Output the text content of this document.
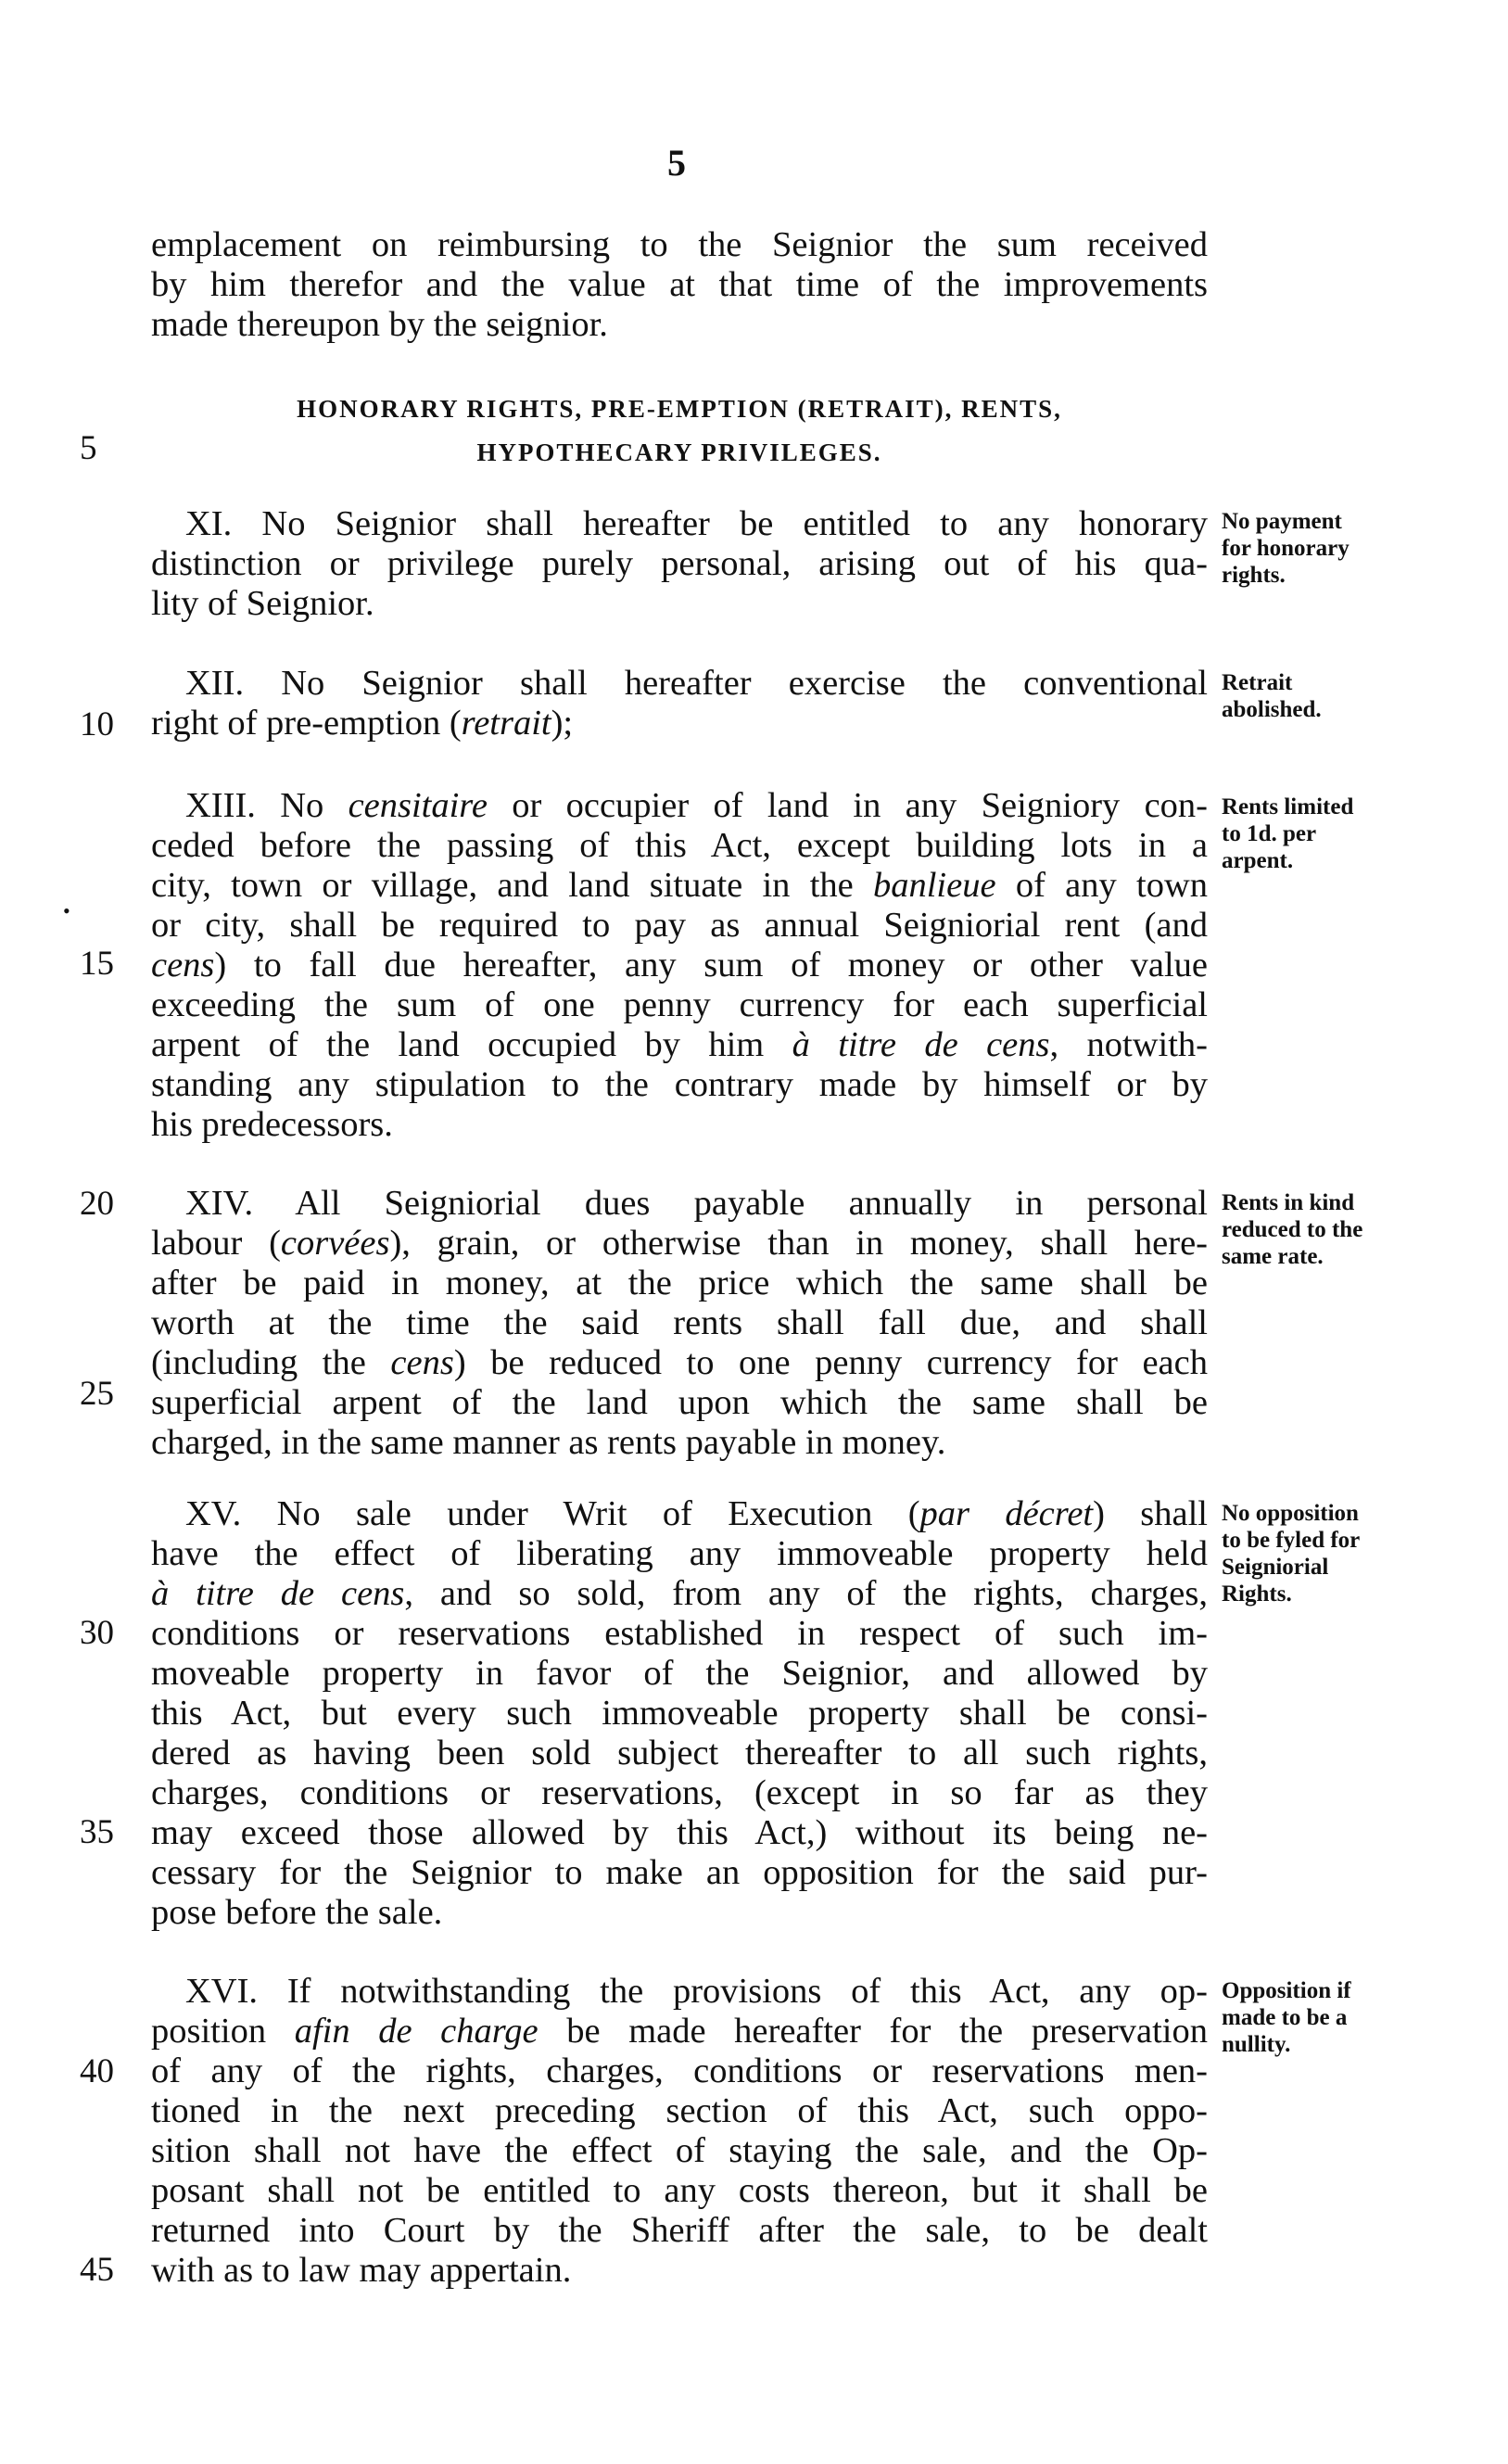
5
emplacement on reimbursing to the Seignior the sum received
by him therefor and the value at that time of the improvements
made thereupon by the seignior.
HONORARY RIGHTS, PRE-EMPTION (RETRAIT), RENTS,
HYPOTHECARY PRIVILEGES.
5
10
15
20
25
30
35
40
45
•
XI. No Seignior shall hereafter be entitled to any honorary
distinction or privilege purely personal, arising out of his qua-
lity of Seignior.
No payment
for honorary
rights.
XII. No Seignior shall hereafter exercise the conventional
right of pre-emption (retrait);
Retrait
abolished.
XIII. No censitaire or occupier of land in any Seigniory con-
ceded before the passing of this Act, except building lots in a
city, town or village, and land situate in the banlieue of any town
or city, shall be required to pay as annual Seigniorial rent (and
cens) to fall due hereafter, any sum of money or other value
exceeding the sum of one penny currency for each superficial
arpent of the land occupied by him à titre de cens, notwith-
standing any stipulation to the contrary made by himself or by
his predecessors.
Rents limited
to 1d. per
arpent.
XIV. All Seigniorial dues payable annually in personal
labour (corvées), grain, or otherwise than in money, shall here-
after be paid in money, at the price which the same shall be
worth at the time the said rents shall fall due, and shall
(including the cens) be reduced to one penny currency for each
superficial arpent of the land upon which the same shall be
charged, in the same manner as rents payable in money.
Rents in kind
reduced to the
same rate.
XV. No sale under Writ of Execution (par décret) shall
have the effect of liberating any immoveable property held
à titre de cens, and so sold, from any of the rights, charges,
conditions or reservations established in respect of such im-
moveable property in favor of the Seignior, and allowed by
this Act, but every such immoveable property shall be consi-
dered as having been sold subject thereafter to all such rights,
charges, conditions or reservations, (except in so far as they
may exceed those allowed by this Act,) without its being ne-
cessary for the Seignior to make an opposition for the said pur-
pose before the sale.
No opposition
to be fyled for
Seigniorial
Rights.
XVI. If notwithstanding the provisions of this Act, any op-
position afin de charge be made hereafter for the preservation
of any of the rights, charges, conditions or reservations men-
tioned in the next preceding section of this Act, such oppo-
sition shall not have the effect of staying the sale, and the Op-
posant shall not be entitled to any costs thereon, but it shall be
returned into Court by the Sheriff after the sale, to be dealt
with as to law may appertain.
Opposition if
made to be a
nullity.
